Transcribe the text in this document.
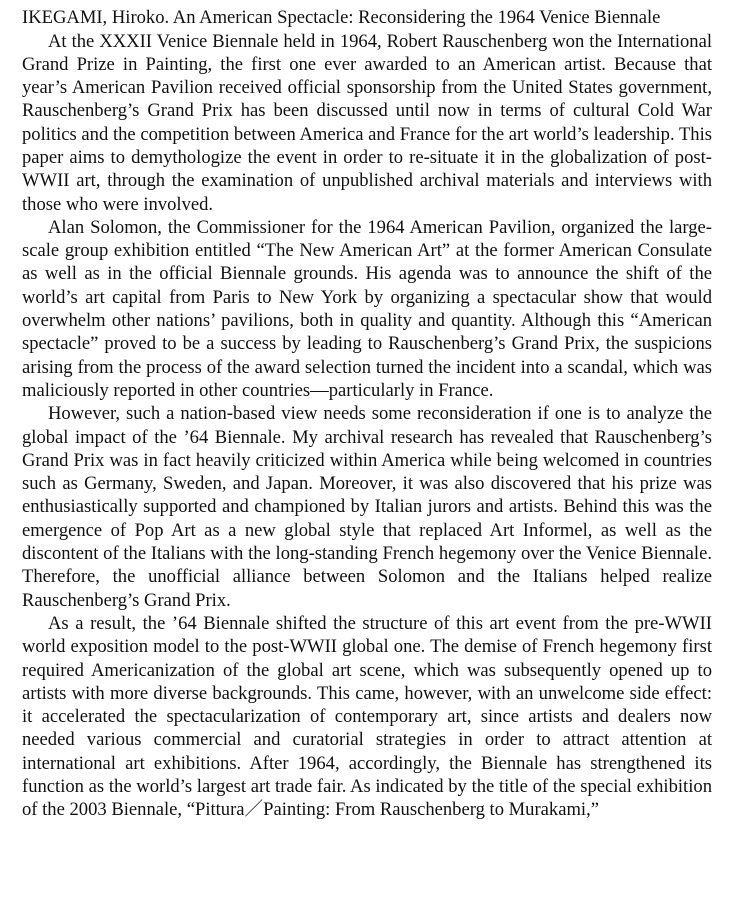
IKEGAMI, Hiroko. An American Spectacle: Reconsidering the 1964 Venice Biennale

At the XXXII Venice Biennale held in 1964, Robert Rauschenberg won the International Grand Prize in Painting, the first one ever awarded to an American artist. Because that year’s American Pavilion received official sponsorship from the United States government, Rauschenberg’s Grand Prix has been discussed until now in terms of cultural Cold War politics and the competition between America and France for the art world’s leadership. This paper aims to demythologize the event in order to re-situate it in the globalization of post-WWII art, through the examination of unpublished archival materials and interviews with those who were involved.

Alan Solomon, the Commissioner for the 1964 American Pavilion, organized the large-scale group exhibition entitled “The New American Art” at the former American Consulate as well as in the official Biennale grounds. His agenda was to announce the shift of the world’s art capital from Paris to New York by organizing a spectacular show that would overwhelm other nations’ pavilions, both in quality and quantity. Although this “American spectacle” proved to be a success by leading to Rauschenberg’s Grand Prix, the suspicions arising from the process of the award selection turned the incident into a scandal, which was maliciously reported in other countries—particularly in France.

However, such a nation-based view needs some reconsideration if one is to analyze the global impact of the ’64 Biennale. My archival research has revealed that Rauschenberg’s Grand Prix was in fact heavily criticized within America while being welcomed in countries such as Germany, Sweden, and Japan. Moreover, it was also discovered that his prize was enthusiastically supported and championed by Italian jurors and artists. Behind this was the emergence of Pop Art as a new global style that replaced Art Informel, as well as the discontent of the Italians with the long-standing French hegemony over the Venice Biennale. Therefore, the unofficial alliance between Solomon and the Italians helped realize Rauschenberg’s Grand Prix.

As a result, the ’64 Biennale shifted the structure of this art event from the pre-WWII world exposition model to the post-WWII global one. The demise of French hegemony first required Americanization of the global art scene, which was subsequently opened up to artists with more diverse backgrounds. This came, however, with an unwelcome side effect: it accelerated the spectacularization of contemporary art, since artists and dealers now needed various commercial and curatorial strategies in order to attract attention at international art exhibitions. After 1964, accordingly, the Biennale has strengthened its function as the world’s largest art trade fair. As indicated by the title of the special exhibition of the 2003 Biennale, “Pittura／Painting: From Rauschenberg to Murakami,”
